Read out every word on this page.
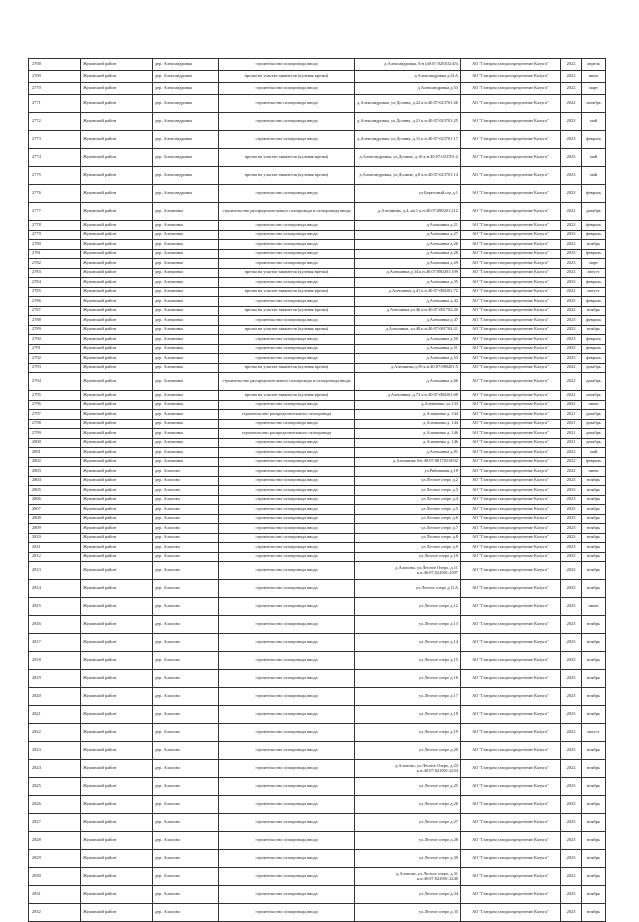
2768	Жуковский район	дер. Александровка	строительство газопровода ввода	д.Александровка, б/н (40:07:020102:45)	АО "Газпром газораспределение Калуга"	2022	апрель
2769	Жуковский район	дер. Александровка	врезка на участке заявителя (кулевая врезка)	д.Александровка д.41А	АО "Газпром газораспределение Калуга"	2022	июль
2770	Жуковский район	дер. Александровка	строительство газопровода ввода	д.Александровка д.53	АО "Газпром газораспределение Калуга"	2022	март
2771	Жуковский район	дер. Александровка	строительство газопровода ввода	д.Александровка, ул.Долина, д.22 к.н.40:07:023701:26	АО "Газпром газораспределение Калуга"	2022	октябрь
2772	Жуковский район	дер. Александровка	строительство газопровода ввода	д.Александровка, ул.Долина, д.21 к.н.40:07:023701:25	АО "Газпром газораспределение Калуга"	2023	май
2773	Жуковский район	дер. Александровка	строительство газопровода ввода	д.Александровка, ул.Долина, д.15 к.н.40:07:023701:17	АО "Газпром газораспределение Калуга"	2023	февраль
2774	Жуковский район	дер. Александровка	врезка на участке заявителя (кулевая врезка)	д.Александровка, ул.Долина, д.16 к.н.40:07:023701:2	АО "Газпром газораспределение Калуга"	2023	май
2775	Жуковский район	дер. Александровка	врезка на участке заявителя (кулевая врезка)	д.Александровка, ул.Долина, д.8 к.н.40:07:023701:14	АО "Газпром газораспределение Калуга"	2023	май
2776	Жуковский район	дер. Александровка	строительство газопровода ввода	ул.Березовый сад д.1	АО "Газпром газораспределение Калуга"	2023	февраль
2777	Жуковский район	дер. Алешинка	строительство распределительного газопровода и газопровода ввода	д.Алешинка, д.4, кв.1 к.н.40:07:080201:212	АО "Газпром газораспределение Калуга"	2022	декабрь
2778	Жуковский район	дер. Алешинка	строительство газопровода ввода	д.Алешинка д.21	АО "Газпром газораспределение Калуга"	2023	февраль
2779	Жуковский район	дер. Алешинка	строительство газопровода ввода	д.Алешинка д.27	АО "Газпром газораспределение Калуга"	2023	февраль
2780	Жуковский район	дер. Алешинка	строительство газопровода ввода	д.Алешинка д.26	АО "Газпром газораспределение Калуга"	2022	ноябрь
2781	Жуковский район	дер. Алешинка	строительство газопровода ввода	д.Алешинка д.28	АО "Газпром газораспределение Калуга"	2023	февраль
2782	Жуковский район	дер. Алешинка	строительство газопровода ввода	д.Алешинка д.29	АО "Газпром газораспределение Калуга"	2023	март
2783	Жуковский район	дер. Алешинка	врезка на участке заявителя (кулевая врезка)	д.Алешинка д.34 к.н.40:07:080201:109	АО "Газпром газораспределение Калуга"	2022	август
2784	Жуковский район	дер. Алешинка	строительство газопровода ввода	д.Алешинка д.35	АО "Газпром газораспределение Калуга"	2023	февраль
2785	Жуковский район	дер. Алешинка	врезка на участке заявителя (кулевая врезка)	д.Алешинка д.41 к.н.40:07:080201:72	АО "Газпром газораспределение Калуга"	2022	август
2786	Жуковский район	дер. Алешинка	строительство газопровода ввода	д.Алешинка д.42	АО "Газпром газораспределение Калуга"	2023	февраль
2787	Жуковский район	дер. Алешинка	врезка на участке заявителя (кулевая врезка)	д.Алешинка ул.46 к.н.40:07:081702:20	АО "Газпром газораспределение Калуга"	2022	ноябрь
2788	Жуковский район	дер. Алешинка	строительство газопровода ввода	д.Алешинка д.47	АО "Газпром газораспределение Калуга"	2023	февраль
2789	Жуковский район	дер. Алешинка	врезка на участке заявителя (кулевая врезка)	д.Алешинка, ул.48 к.н.40:07:081702:21	АО "Газпром газораспределение Калуга"	2022	ноябрь
2790	Жуковский район	дер. Алешинка	строительство газопровода ввода	д.Алешинка д.50	АО "Газпром газораспределение Калуга"	2023	февраль
2791	Жуковский район	дер. Алешинка	строительство газопровода ввода	д.Алешинка д.51	АО "Газпром газораспределение Калуга"	2023	февраль
2792	Жуковский район	дер. Алешинка	строительство газопровода ввода	д.Алешинка д.53	АО "Газпром газораспределение Калуга"	2023	февраль
2793	Жуковский район	дер. Алешинка	врезка на участке заявителя (кулевая врезка)	д.Алешинка д.59 к.н.40:07:080201:5	АО "Газпром газораспределение Калуга"	2022	декабрь
2794	Жуковский район	дер. Алешинка	строительство распределительного газопровода и газопровода ввода	д.Алешинка д.66	АО "Газпром газораспределение Калуга"	2022	декабрь
2795	Жуковский район	дер. Алешинка	врезка на участке заявителя (кулевая врезка)	д.Алешинка, д.73 к.н.40:07:080201:68	АО "Газпром газораспределение Калуга"	2022	октябрь
2796	Жуковский район	дер. Алешинка	строительство газопровода ввода	д.Алешинка, ул.133	АО "Газпром газораспределение Калуга"	2022	июнь
2797	Жуковский район	дер. Алешинка	строительство распределительного газопровода	д.Алешинка д. 144	АО "Газпром газораспределение Калуга"	2021	декабрь
2798	Жуковский район	дер. Алешинка	строительство газопровода ввода	д.Алешинка д. 144	АО "Газпром газораспределение Калуга"	2021	декабрь
2799	Жуковский район	дер. Алешинка	строительство распределительного газопровода	д.Алешинка д. 146	АО "Газпром газораспределение Калуга"	2021	декабрь
2800	Жуковский район	дер. Алешинка	строительство газопровода ввода	д.Алешинка д. 146	АО "Газпром газораспределение Калуга"	2021	декабрь
2801	Жуковский район	дер. Алешинка	строительство газопровода ввода	д.Алешинка д.81	АО "Газпром газораспределение Калуга"	2022	май
2802	Жуковский район	дер. Алешинка	строительство газопровода ввода	д.Алешинка б/н 40:07:081702:0032	АО "Газпром газораспределение Калуга"	2022	февраль
2803	Жуковский район	дер. Алопово	строительство газопровода ввода	ул.Рябиновая д.18	АО "Газпром газораспределение Калуга"	2022	июнь
2804	Жуковский район	дер. Алопово	строительство газопровода ввода	ул.Лесное озеро д.2	АО "Газпром газораспределение Калуга"	2023	ноябрь
2805	Жуковский район	дер. Алопово	строительство газопровода ввода	ул.Лесное озеро д.3	АО "Газпром газораспределение Калуга"	2023	ноябрь
2806	Жуковский район	дер. Алопово	строительство газопровода ввода	ул.Лесное озеро д.4	АО "Газпром газораспределение Калуга"	2023	ноябрь
2807	Жуковский район	дер. Алопово	строительство газопровода ввода	ул.Лесное озеро д.5	АО "Газпром газораспределение Калуга"	2023	ноябрь
2808	Жуковский район	дер. Алопово	строительство газопровода ввода	ул.Лесное озеро д.6	АО "Газпром газораспределение Калуга"	2023	ноябрь
2809	Жуковский район	дер. Алопово	строительство газопровода ввода	ул.Лесное озеро д.7	АО "Газпром газораспределение Калуга"	2023	ноябрь
2810	Жуковский район	дер. Алопово	строительство газопровода ввода	ул.Лесное озеро д.8	АО "Газпром газораспределение Калуга"	2023	ноябрь
2811	Жуковский район	дер. Алопово	строительство газопровода ввода	ул.Лесное озеро д.9	АО "Газпром газораспределение Калуга"	2023	ноябрь
2812	Жуковский район	дер. Алопово	строительство газопровода ввода	ул.Лесное озеро д.10	АО "Газпром газораспределение Калуга"	2023	ноябрь
2813	Жуковский район	дер. Алопово	строительство газопровода ввода	д.Алопово, ул.Лесное Озеро, д.11 к.н.40:07:022901:2507	АО "Газпром газораспределение Калуга"	2022	ноябрь
2814	Жуковский район	дер. Алопово	строительство газопровода ввода	ул.Лесное озеро д.11А	АО "Газпром газораспределение Калуга"	2023	ноябрь
2815	Жуковский район	дер. Алопово	строительство газопровода ввода	ул.Лесное озеро д.12	АО "Газпром газораспределение Калуга"	2023	июнь
2816	Жуковский район	дер. Алопово	строительство газопровода ввода	ул.Лесное озеро д.13	АО "Газпром газораспределение Калуга"	2023	ноябрь
2817	Жуковский район	дер. Алопово	строительство газопровода ввода	ул.Лесное озеро д.14	АО "Газпром газораспределение Калуга"	2023	ноябрь
2818	Жуковский район	дер. Алопово	строительство газопровода ввода	ул.Лесное озеро д.15	АО "Газпром газораспределение Калуга"	2023	ноябрь
2819	Жуковский район	дер. Алопово	строительство газопровода ввода	ул.Лесное озеро д.16	АО "Газпром газораспределение Калуга"	2023	ноябрь
2820	Жуковский район	дер. Алопово	строительство газопровода ввода	ул.Лесное озеро д.17	АО "Газпром газораспределение Калуга"	2023	ноябрь
2821	Жуковский район	дер. Алопово	строительство газопровода ввода	ул.Лесное озеро д.18	АО "Газпром газораспределение Калуга"	2023	ноябрь
2822	Жуковский район	дер. Алопово	строительство газопровода ввода	ул.Лесное озеро д.19	АО "Газпром газораспределение Калуга"	2022	август
2823	Жуковский район	дер. Алопово	строительство газопровода ввода	ул.Лесное озеро д.20	АО "Газпром газораспределение Калуга"	2023	ноябрь
2824	Жуковский район	дер. Алопово	строительство газопровода ввода	д.Алопово, ул.Лесное Озеро, д.23 к.н.40:07:022901:2234	АО "Газпром газораспределение Калуга"	2022	ноябрь
2825	Жуковский район	дер. Алопово	строительство газопровода ввода	ул.Лесное озеро д.25	АО "Газпром газораспределение Калуга"	2023	ноябрь
2826	Жуковский район	дер. Алопово	строительство газопровода ввода	ул.Лесное озеро д.26	АО "Газпром газораспределение Калуга"	2023	ноябрь
2827	Жуковский район	дер. Алопово	строительство газопровода ввода	ул.Лесное озеро д.27	АО "Газпром газораспределение Калуга"	2023	ноябрь
2828	Жуковский район	дер. Алопово	строительство газопровода ввода	ул.Лесное озеро д.28	АО "Газпром газораспределение Калуга"	2023	ноябрь
2829	Жуковский район	дер. Алопово	строительство газопровода ввода	ул.Лесное озеро д.30	АО "Газпром газораспределение Калуга"	2023	ноябрь
2830	Жуковский район	дер. Алопово	строительство газопровода ввода	д.Алопово, ул.Лесное озеро, д.31 к.н.40:07:022901:2240	АО "Газпром газораспределение Калуга"	2022	ноябрь
2831	Жуковский район	дер. Алопово	строительство газопровода ввода	ул.Лесное озеро д.34	АО "Газпром газораспределение Калуга"	2023	ноябрь
2832	Жуковский район	дер. Алопово	строительство газопровода ввода	ул.Лесное озеро д.35	АО "Газпром газораспределение Калуга"	2023	ноябрь
